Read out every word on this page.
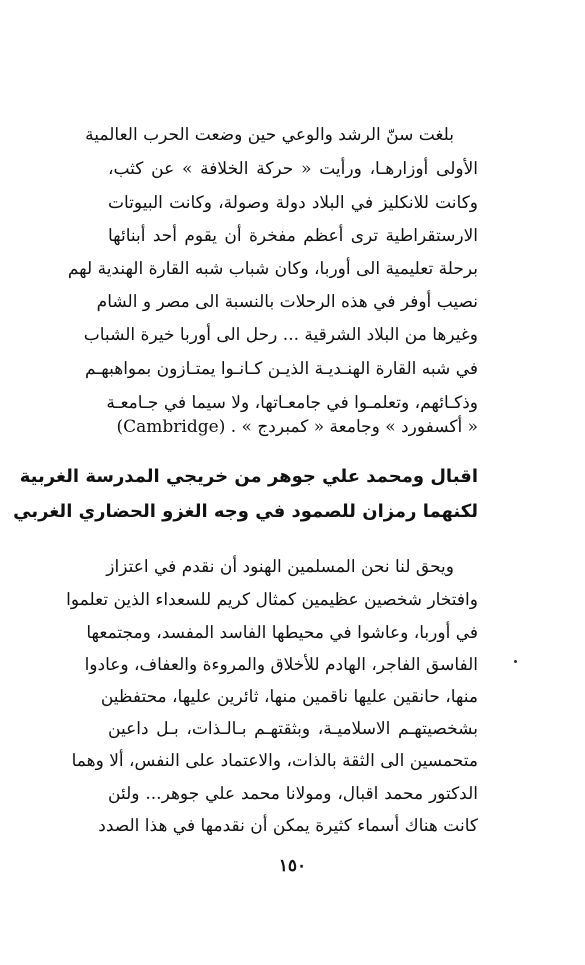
بلغت سنّ الرشد والوعي حين وضعت الحرب العالمية
الأولى أوزارهـا، ورأيت « حركة الخلافة » عن كثب،
وكانت للانكليز في البلاد دولة وصولة، وكانت البيوتات
الارستقراطية ترى أعظم مفخرة أن يقوم أحد أبنائها
برحلة تعليمية الى أوربا، وكان شباب شبه القارة الهندية لهم
نصيب أوفر في هذه الرحلات بالنسبة الى مصر و الشام
وغيرها من البلاد الشرقية ... رحل الى أوربا خيرة الشباب
في شبه القارة الهنـديـة الذيـن كـانـوا يمتـازون بمواهبهـم
وذكـائهم، وتعلمـوا في جامعـاتها، ولا سيما في جـامعـة
« أكسفورد » وجامعة « كمبردج » . (Cambridge)
اقبال ومحمد علي جوهر من خريجي المدرسة الغربية
لكنهما رمزان للصمود في وجه الغزو الحضاري الغربي
ويحق لنا نحن المسلمين الهنود أن نقدم في اعتزاز
وافتخار شخصين عظيمين كمثال كريم للسعداء الذين تعلموا
في أوربا، وعاشوا في محيطها الفاسد المفسد، ومجتمعها
الفاسق الفاجر، الهادم للأخلاق والمروءة والعفاف، وعادوا
منها، حانقين عليها ناقمين منها، ثائرين عليها، محتفظين
بشخصيتهـم الاسلاميـة، وبثقتهـم بـالـذات، بـل داعين
متحمسين الى الثقة بالذات، والاعتماد على النفس، ألا وهما
الدكتور محمد اقبال، ومولانا محمد علي جوهر... ولئن
كانت هناك أسماء كثيرة يمكن أن نقدمها في هذا الصدد
١٥٠
